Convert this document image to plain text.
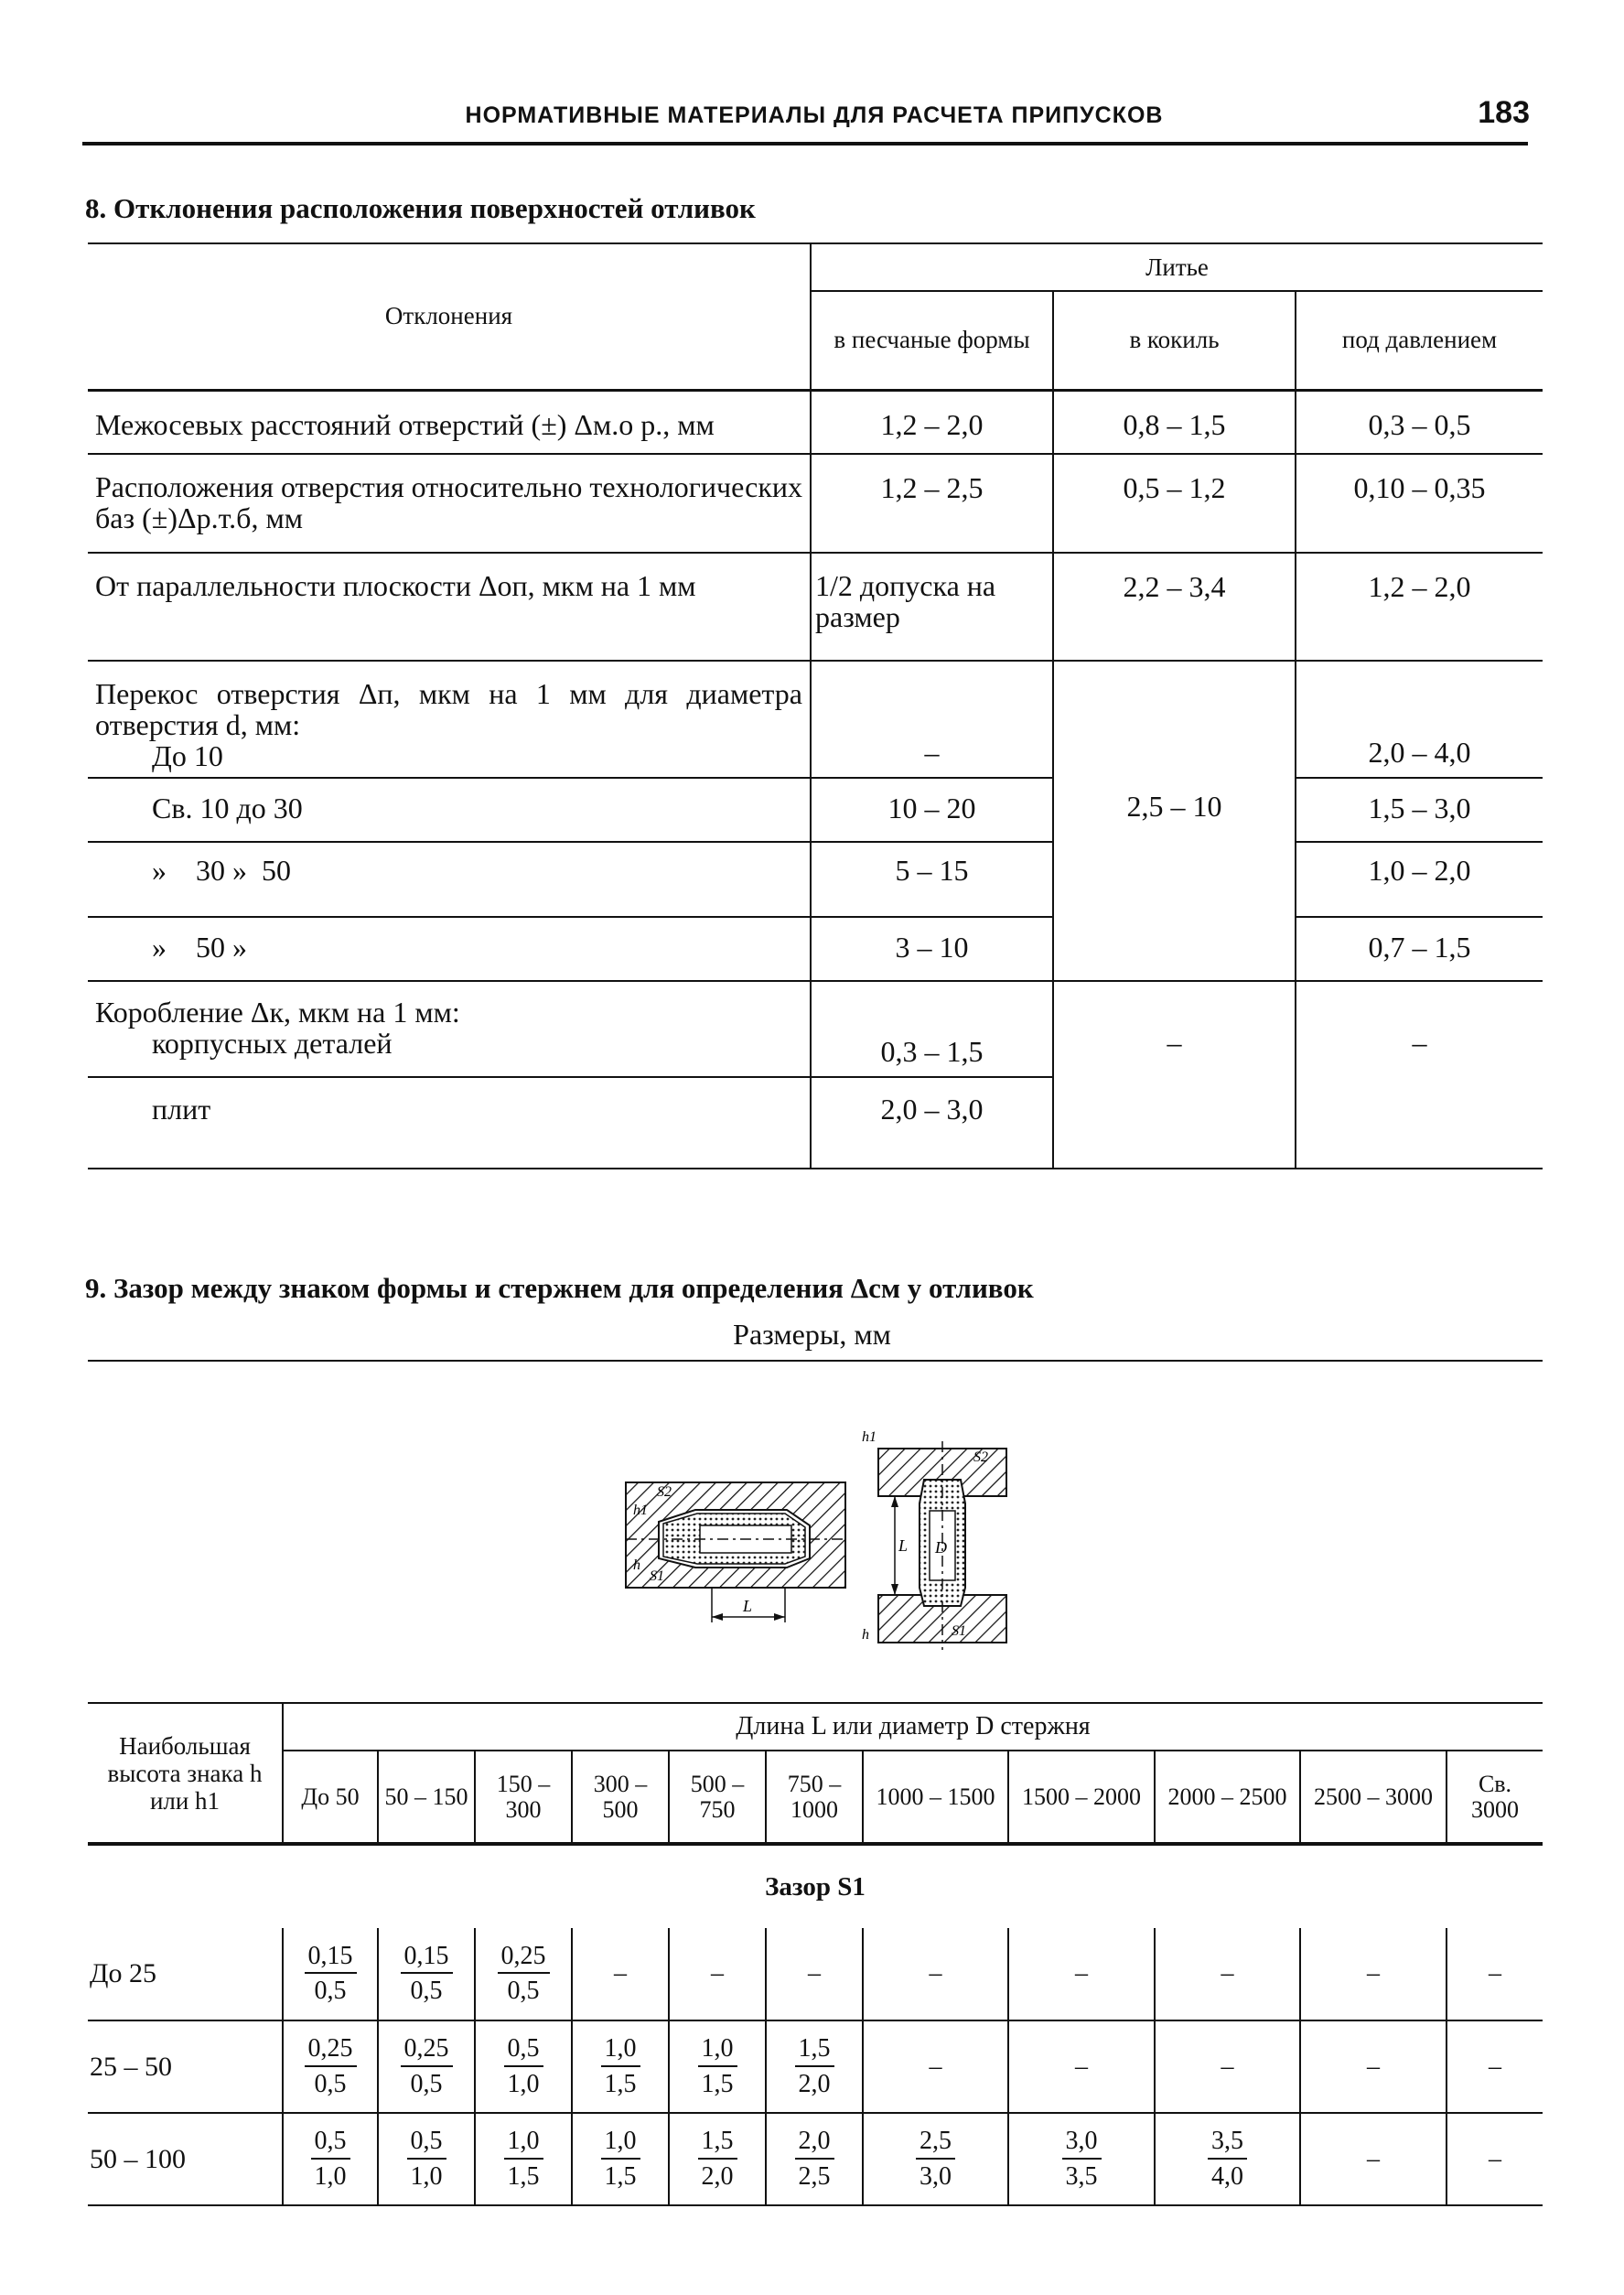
НОРМАТИВНЫЕ МАТЕРИАЛЫ ДЛЯ РАСЧЕТА ПРИПУСКОВ	183
8. Отклонения расположения поверхностей отливок
Отклонения	Литье		
	в песчаные формы	в кокиль	под давлением
Межосевых расстояний отверстий (±) Δм.о р., мм	1,2 – 2,0	0,8 – 1,5	0,3 – 0,5
Расположения отверстия относительно технологических баз (±)Δр.т.б, мм	1,2 – 2,5	0,5 – 1,2	0,10 – 0,35
От параллельности плоскости Δоп, мкм на 1 мм	1/2 допуска на размер	2,2 – 3,4	1,2 – 2,0

Перекос отверстия Δп, мкм на 1 мм для диаметра отверстия d, мм:
До 10	–	2,5 – 10	2,0 – 4,0
Св. 10 до 30	10 – 20		1,5 – 3,0
»    30 »  50	5 – 15		1,0 – 2,0
»    50 »	3 – 10		0,7 – 1,5

Коробление Δк, мкм на 1 мм:
корпусных деталей	0,3 – 1,5	–	–
плит	2,0 – 3,0		

9. Зазор между знаком формы и стержнем для определения Δсм у отливок
Размеры, мм
L
S2
S1
h1
h
L D
S2
S1
h1
h
Наибольшая высота знака h или h1	Длина L или диаметр D стержня										
	До 50	50 – 150	150 – 300	300 – 500	500 – 750	750 – 1000	1000 – 1500	1500 – 2000	2000 – 2500	2500 – 3000	Св. 3000
Зазор S1											
До 25	$\frac{0,15}{0,5}$	$\frac{0,15}{0,5}$	$\frac{0,25}{0,5}$	–	–	–	–	–	–	–	–
25 – 50	$\frac{0,25}{0,5}$	$\frac{0,25}{0,5}$	$\frac{0,5}{1,0}$	$\frac{1,0}{1,5}$	$\frac{1,0}{1,5}$	$\frac{1,5}{2,0}$	–	–	–	–	–
50 – 100	$\frac{0,5}{1,0}$	$\frac{0,5}{1,0}$	$\frac{1,0}{1,5}$	$\frac{1,0}{1,5}$	$\frac{1,5}{2,0}$	$\frac{2,0}{2,5}$	$\frac{2,5}{3,0}$	$\frac{3,0}{3,5}$	$\frac{3,5}{4,0}$	–	–
